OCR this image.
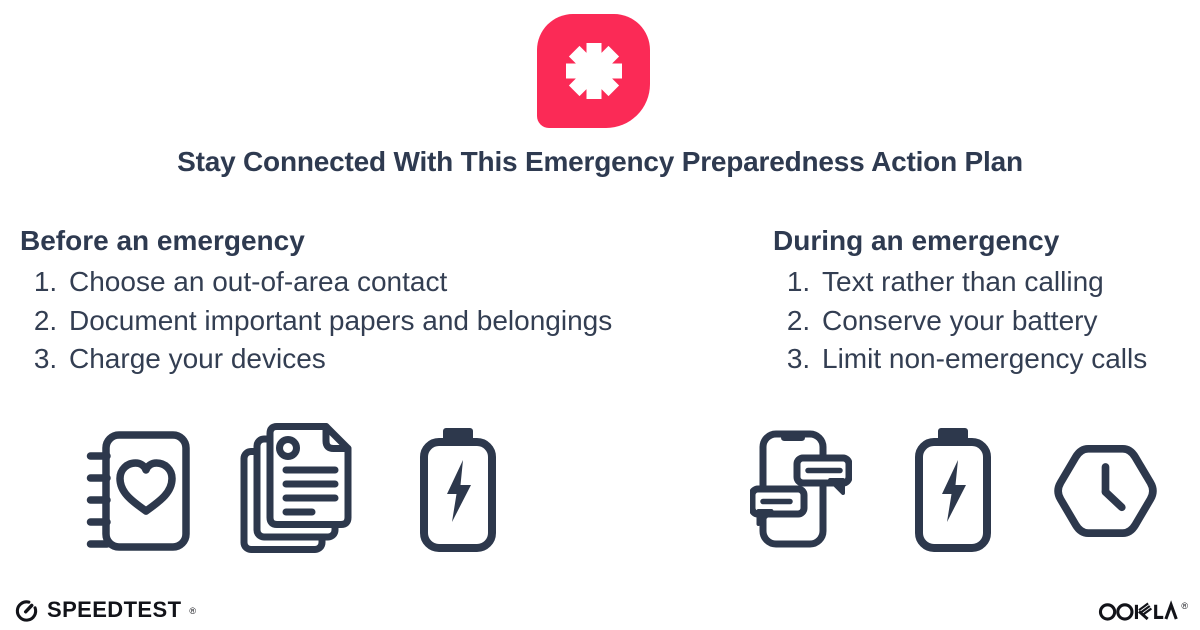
Stay Connected With This Emergency Preparedness Action Plan
Before an emergency
1. Choose an out-of-area contact
2. Document important papers and belongings
3. Charge your devices
During an emergency
1. Text rather than calling
2. Conserve your battery
3. Limit non-emergency calls
SPEEDTEST ®	®
